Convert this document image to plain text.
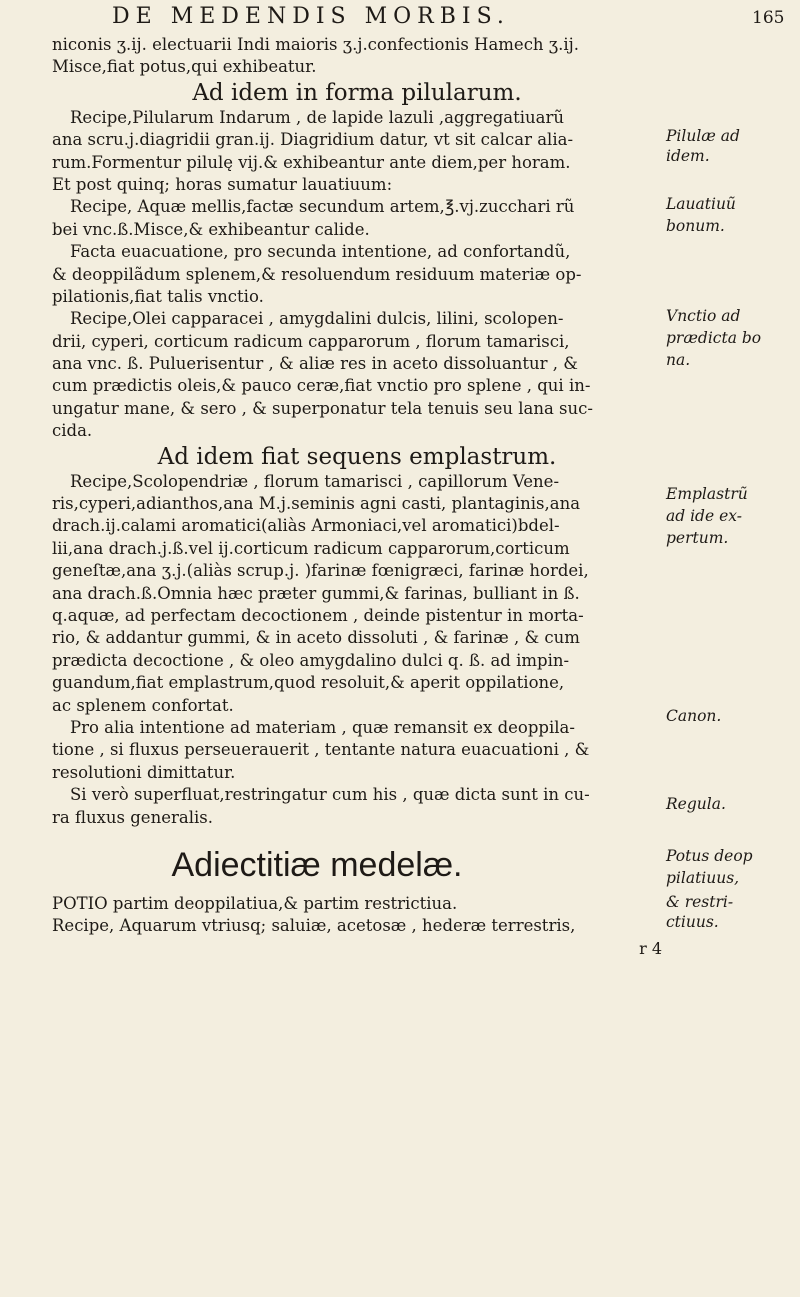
DE MEDENDIS MORBIS.	165
niconis ʒ.ij. electuarii Indi maioris ʒ.j.confectionis Hamech ʒ.ij.
Misce,fiat potus,qui exhibeatur.
Ad idem in forma pilularum.
Recipe,Pilularum Indarum , de lapide lazuli ,aggregatiuarũ
ana scru.j.diagridii gran.ij. Diagridium datur, vt sit calcar alia-
rum.Formentur pilulę vij.& exhibeantur ante diem,per horam.
Et post quinq; horas sumatur lauatiuum:
Recipe, Aquæ mellis,factæ secundum artem,℥.vj.zucchari rũ
bei vnc.ß.Misce,& exhibeantur calide.
Facta euacuatione, pro secunda intentione, ad confortandũ,
& deoppilãdum splenem,& resoluendum residuum materiæ op-
pilationis,fiat talis vnctio.
Recipe,Olei capparacei , amygdalini dulcis, lilini, scolopen-
drii, cyperi, corticum radicum capparorum , florum tamarisci,
ana vnc. ß. Puluerisentur , & aliæ res in aceto dissoluantur , &
cum prædictis oleis,& pauco ceræ,fiat vnctio pro splene , qui in-
ungatur mane, & sero , & superponatur tela tenuis seu lana suc-
cida.
Ad idem fiat sequens emplastrum.
Recipe,Scolopendriæ , florum tamarisci , capillorum Vene-
ris,cyperi,adianthos,ana M.j.seminis agni casti, plantaginis,ana
drach.ij.calami aromatici(aliàs Armoniaci,vel aromatici)bdel-
lii,ana drach.j.ß.vel ij.corticum radicum capparorum,corticum
geneſtæ,ana ʒ.j.(aliàs scrup.j. )farinæ fœnigræci, farinæ hordei,
ana drach.ß.Omnia hæc præter gummi,& farinas, bulliant in ß.
q.aquæ, ad perfectam decoctionem , deinde pistentur in morta-
rio, & addantur gummi, & in aceto dissoluti , & farinæ , & cum
prædicta decoctione , & oleo amygdalino dulci q. ß. ad impin-
guandum,fiat emplastrum,quod resoluit,& aperit oppilatione,
ac splenem confortat.
Pro alia intentione ad materiam , quæ remansit ex deoppila-
tione , si fluxus perseuerauerit , tentante natura euacuationi , &
resolutioni dimittatur.
Si verò superfluat,restringatur cum his , quæ dicta sunt in cu-
ra fluxus generalis.
Adiectitiæ medelæ.
POTIO partim deoppilatiua,& partim restrictiua.
Recipe, Aquarum vtriusq; saluiæ, acetosæ , hederæ terrestris,
r 4
Pilulæ ad
idem.
Lauatiuũ
bonum.
Vnctio ad
prædicta bo
na.
Emplastrũ
ad ide ex-
pertum.
Canon.
Regula.
Potus deop
pilatiuus,
& restri-
ctiuus.
